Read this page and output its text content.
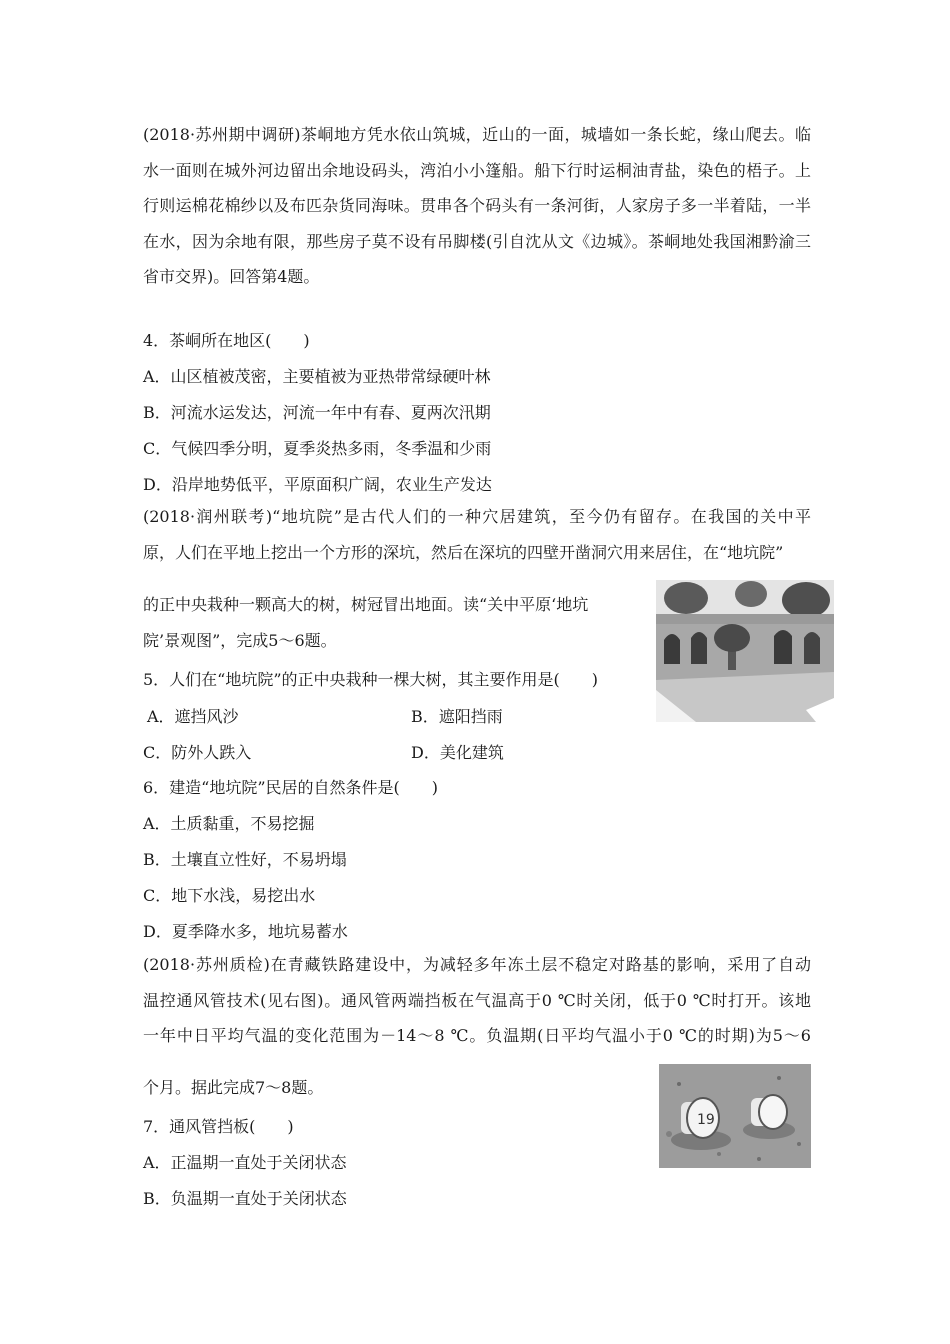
(2018·苏州期中调研)茶峒地方凭水依山筑城，近山的一面，城墙如一条长蛇，缘山爬去。临
水一面则在城外河边留出余地设码头，湾泊小小篷船。船下行时运桐油青盐，染色的梧子。上
行则运棉花棉纱以及布匹杂货同海味。贯串各个码头有一条河街，人家房子多一半着陆，一半
在水，因为余地有限，那些房子莫不设有吊脚楼(引自沈从文《边城》。茶峒地处我国湘黔渝三

省市交界)。回答第4题。
4．茶峒所在地区(　　)
A．山区植被茂密，主要植被为亚热带常绿硬叶林
B．河流水运发达，河流一年中有春、夏两次汛期
C．气候四季分明，夏季炎热多雨，冬季温和少雨
D．沿岸地势低平，平原面积广阔，农业生产发达
(2018·润州联考)“地坑院”是古代人们的一种穴居建筑，至今仍有留存。在我国的关中平

原，人们在平地上挖出一个方形的深坑，然后在深坑的四壁开凿洞穴用来居住，在“地坑院”
的正中央栽种一颗高大的树，树冠冒出地面。读“关中平原‘地坑
院’景观图”，完成5～6题。
5．人们在“地坑院”的正中央栽种一棵大树，其主要作用是(　　)
A．遮挡风沙	B．遮阳挡雨
C．防外人跌入	D．美化建筑
6．建造“地坑院”民居的自然条件是(　　)
A．土质黏重，不易挖掘
B．土壤直立性好，不易坍塌
C．地下水浅，易挖出水
D．夏季降水多，地坑易蓄水
(2018·苏州质检)在青藏铁路建设中，为减轻多年冻土层不稳定对路基的影响，采用了自动
温控通风管技术(见右图)。通风管两端挡板在气温高于0 ℃时关闭，低于0 ℃时打开。该地
一年中日平均气温的变化范围为－14～8 ℃。负温期(日平均气温小于0 ℃的时期)为5～6
个月。据此完成7～8题。
19
7．通风管挡板(　　)
A．正温期一直处于关闭状态
B．负温期一直处于关闭状态
